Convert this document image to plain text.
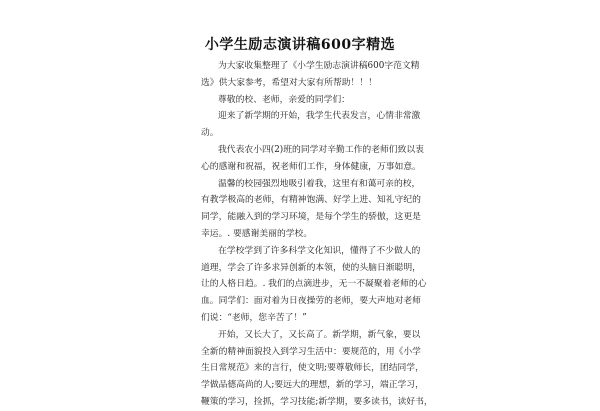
小学生励志演讲稿600字精选
为大家收集整理了《小学生励志演讲稿600字范文精
选》供大家参考，希望对大家有所帮助！！！
尊敬的校、老师，亲爱的同学们：
迎来了新学期的开始，我学生代表发言，心情非常激
动。
我代表农小四(2)班的同学对辛勤工作的老师们致以衷
心的感谢和祝福，祝老师们工作，身体健康，万事如意。
温馨的校园强烈地吸引着我，这里有和蔼可亲的校，
有教学极高的老师，有精神饱满、好学上进、知礼守纪的
同学，能融入到的学习环境，是每个学生的骄傲，这更是
幸运。. 要感谢美丽的学校。
在学校学到了许多科学文化知识，懂得了不少做人的
道理，学会了许多求异创新的本领，使的头脑日渐聪明，
让的人格日趋。. 我们的点滴进步，无一不凝聚着老师的心
血。同学们：面对着为日夜操劳的老师，要大声地对老师
们说：“老师，您辛苦了！”
开始，又长大了，又长高了。新学期，新气象，要以
全新的精神面貌投入到学习生活中：要规范的，用《小学
生日常规范》来的言行，使文明;要尊敬师长，团结同学，
学做品德高尚的人;要远大的理想，新的学习，端正学习，
鞭策的学习，捡抓，学习技能;新学期，要多读书，读好书，
